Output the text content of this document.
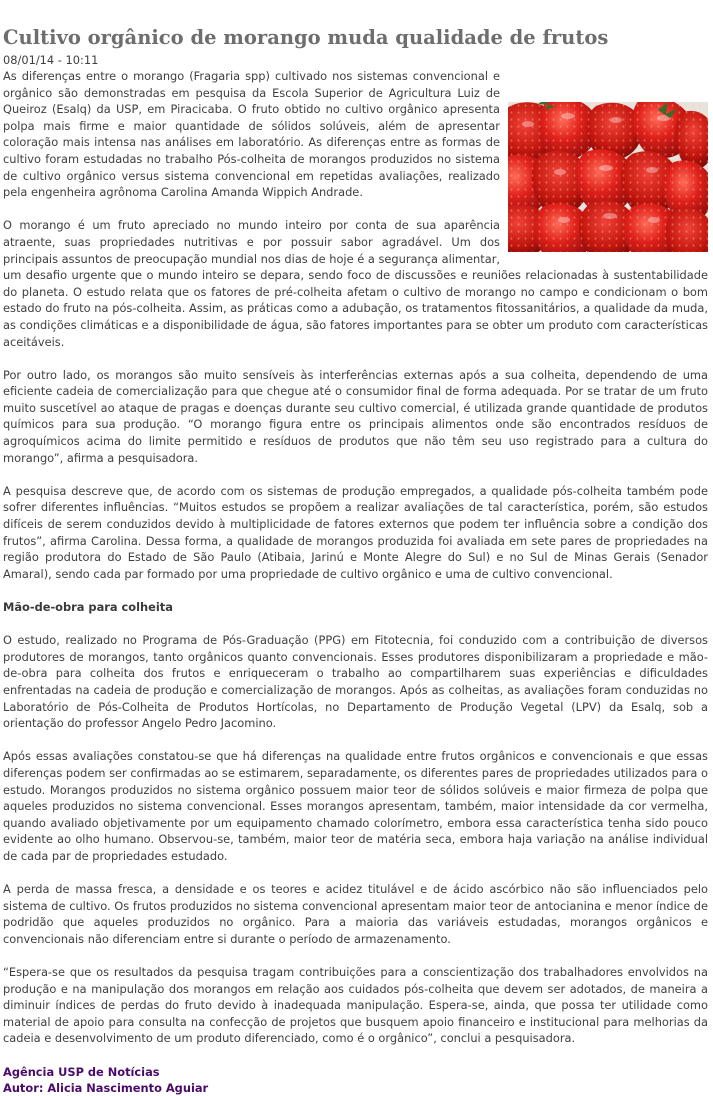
Cultivo orgânico de morango muda qualidade de frutos
08/01/14 - 10:11

As diferenças entre o morango (Fragaria spp) cultivado nos sistemas convencional e orgânico são demonstradas em pesquisa da Escola Superior de Agricultura Luiz de Queiroz (Esalq) da USP, em Piracicaba. O fruto obtido no cultivo orgânico apresenta polpa mais firme e maior quantidade de sólidos solúveis, além de apresentar coloração mais intensa nas análises em laboratório. As diferenças entre as formas de cultivo foram estudadas no trabalho Pós-colheita de morangos produzidos no sistema de cultivo orgânico versus sistema convencional em repetidas avaliações, realizado pela engenheira agrônoma Carolina Amanda Wippich Andrade.

O morango é um fruto apreciado no mundo inteiro por conta de sua aparência atraente, suas propriedades nutritivas e por possuir sabor agradável. Um dos principais assuntos de preocupação mundial nos dias de hoje é a segurança alimentar, um desafio urgente que o mundo inteiro se depara, sendo foco de discussões e reuniões relacionadas à sustentabilidade do planeta. O estudo relata que os fatores de pré-colheita afetam o cultivo de morango no campo e condicionam o bom estado do fruto na pós-colheita. Assim, as práticas como a adubação, os tratamentos fitossanitários, a qualidade da muda, as condições climáticas e a disponibilidade de água, são fatores importantes para se obter um produto com características aceitáveis.

Por outro lado, os morangos são muito sensíveis às interferências externas após a sua colheita, dependendo de uma eficiente cadeia de comercialização para que chegue até o consumidor final de forma adequada. Por se tratar de um fruto muito suscetível ao ataque de pragas e doenças durante seu cultivo comercial, é utilizada grande quantidade de produtos químicos para sua produção. “O morango figura entre os principais alimentos onde são encontrados resíduos de agroquímicos acima do limite permitido e resíduos de produtos que não têm seu uso registrado para a cultura do morango”, afirma a pesquisadora.

A pesquisa descreve que, de acordo com os sistemas de produção empregados, a qualidade pós-colheita também pode sofrer diferentes influências. “Muitos estudos se propõem a realizar avaliações de tal característica, porém, são estudos difíceis de serem conduzidos devido à multiplicidade de fatores externos que podem ter influência sobre a condição dos frutos”, afirma Carolina. Dessa forma, a qualidade de morangos produzida foi avaliada em sete pares de propriedades na região produtora do Estado de São Paulo (Atibaia, Jarinú e Monte Alegre do Sul) e no Sul de Minas Gerais (Senador Amaral), sendo cada par formado por uma propriedade de cultivo orgânico e uma de cultivo convencional.

Mão-de-obra para colheita

O estudo, realizado no Programa de Pós-Graduação (PPG) em Fitotecnia, foi conduzido com a contribuição de diversos produtores de morangos, tanto orgânicos quanto convencionais. Esses produtores disponibilizaram a propriedade e mão-de-obra para colheita dos frutos e enriqueceram o trabalho ao compartilharem suas experiências e dificuldades enfrentadas na cadeia de produção e comercialização de morangos. Após as colheitas, as avaliações foram conduzidas no Laboratório de Pós-Colheita de Produtos Hortícolas, no Departamento de Produção Vegetal (LPV) da Esalq, sob a orientação do professor Angelo Pedro Jacomino.

Após essas avaliações constatou-se que há diferenças na qualidade entre frutos orgânicos e convencionais e que essas diferenças podem ser confirmadas ao se estimarem, separadamente, os diferentes pares de propriedades utilizados para o estudo. Morangos produzidos no sistema orgânico possuem maior teor de sólidos solúveis e maior firmeza de polpa que aqueles produzidos no sistema convencional. Esses morangos apresentam, também, maior intensidade da cor vermelha, quando avaliado objetivamente por um equipamento chamado colorímetro, embora essa característica tenha sido pouco evidente ao olho humano. Observou-se, também, maior teor de matéria seca, embora haja variação na análise individual de cada par de propriedades estudado.

A perda de massa fresca, a densidade e os teores e acidez titulável e de ácido ascórbico não são influenciados pelo sistema de cultivo. Os frutos produzidos no sistema convencional apresentam maior teor de antocianina e menor índice de podridão que aqueles produzidos no orgânico. Para a maioria das variáveis estudadas, morangos orgânicos e convencionais não diferenciam entre si durante o período de armazenamento.

“Espera-se que os resultados da pesquisa tragam contribuições para a conscientização dos trabalhadores envolvidos na produção e na manipulação dos morangos em relação aos cuidados pós-colheita que devem ser adotados, de maneira a diminuir índices de perdas do fruto devido à inadequada manipulação. Espera-se, ainda, que possa ter utilidade como material de apoio para consulta na confecção de projetos que busquem apoio financeiro e institucional para melhorias da cadeia e desenvolvimento de um produto diferenciado, como é o orgânico”, conclui a pesquisadora.

Agência USP de Notícias
Autor: Alicia Nascimento Aguiar
